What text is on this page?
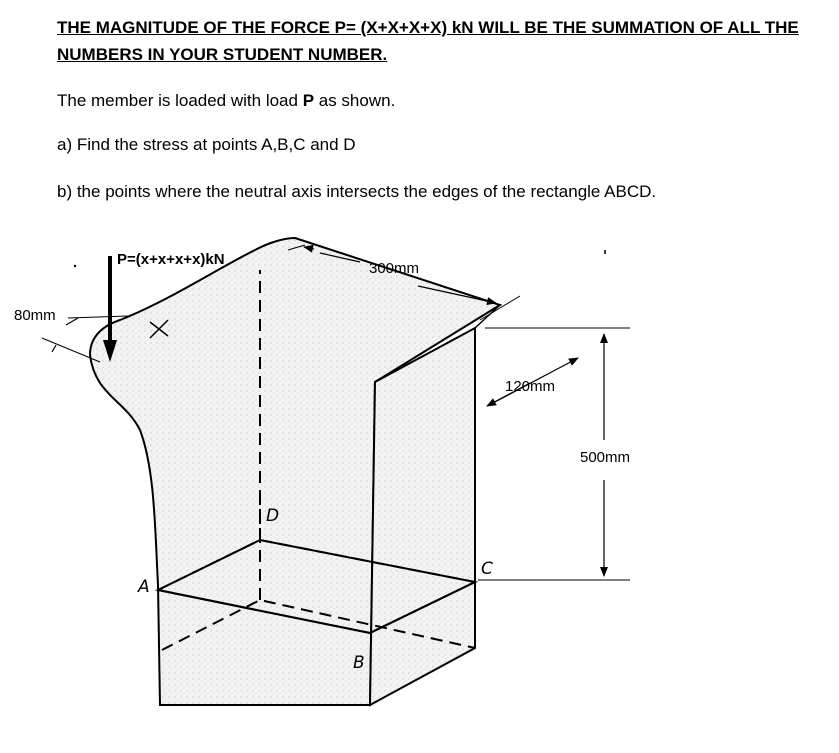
THE MAGNITUDE OF THE FORCE P= (X+X+X+X) kN WILL BE THE SUMMATION OF ALL THE
NUMBERS IN YOUR STUDENT NUMBER.
The member is loaded with load P as shown.
a) Find the stress at points A,B,C and D
b) the points where the neutral axis intersects the edges of the rectangle ABCD.
P=(x+x+x+x)kN
300mm
80mm
120mm
500mm
A
B
C
D
